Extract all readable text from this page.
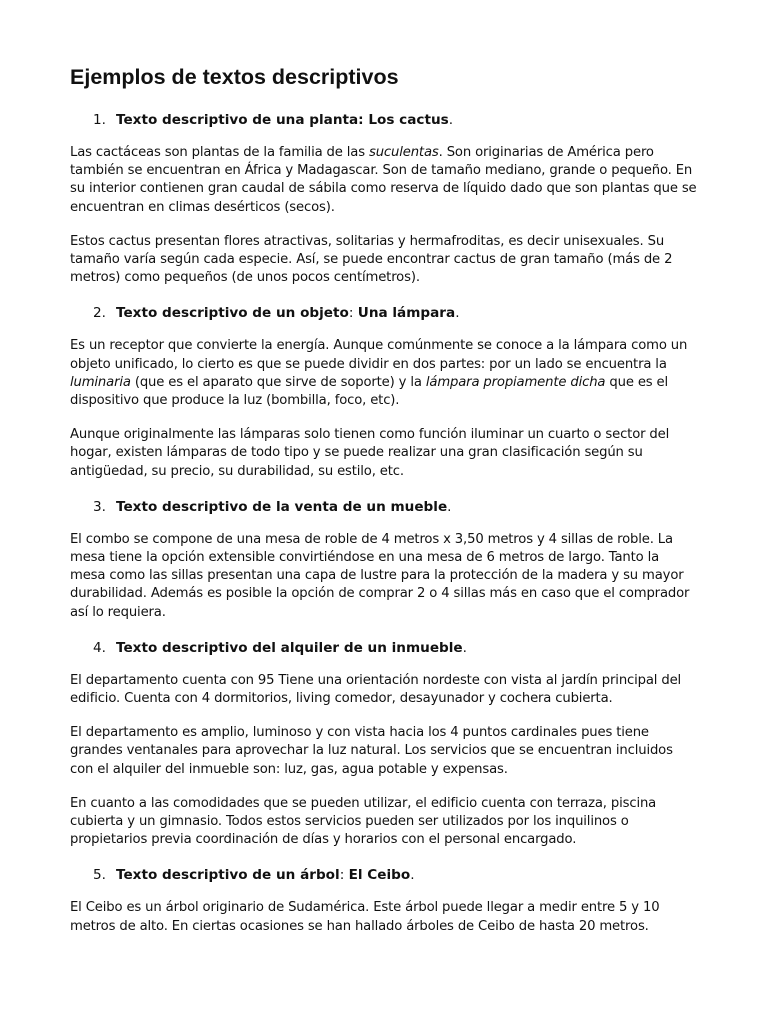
Ejemplos de textos descriptivos
1. Texto descriptivo de una planta: Los cactus.

Las cactáceas son plantas de la familia de las suculentas. Son originarias de América pero también se encuentran en África y Madagascar. Son de tamaño mediano, grande o pequeño. En su interior contienen gran caudal de sábila como reserva de líquido dado que son plantas que se encuentran en climas desérticos (secos).

Estos cactus presentan flores atractivas, solitarias y hermafroditas, es decir unisexuales. Su tamaño varía según cada especie. Así, se puede encontrar cactus de gran tamaño (más de 2 metros) como pequeños (de unos pocos centímetros).

2. Texto descriptivo de un objeto: Una lámpara.

Es un receptor que convierte la energía. Aunque comúnmente se conoce a la lámpara como un objeto unificado, lo cierto es que se puede dividir en dos partes: por un lado se encuentra la luminaria (que es el aparato que sirve de soporte) y la lámpara propiamente dicha que es el dispositivo que produce la luz (bombilla, foco, etc).

Aunque originalmente las lámparas solo tienen como función iluminar un cuarto o sector del hogar, existen lámparas de todo tipo y se puede realizar una gran clasificación según su antigüedad, su precio, su durabilidad, su estilo, etc.

3. Texto descriptivo de la venta de un mueble.

El combo se compone de una mesa de roble de 4 metros x 3,50 metros y 4 sillas de roble. La mesa tiene la opción extensible convirtiéndose en una mesa de 6 metros de largo. Tanto la mesa como las sillas presentan una capa de lustre para la protección de la madera y su mayor durabilidad. Además es posible la opción de comprar 2 o 4 sillas más en caso que el comprador así lo requiera.

4. Texto descriptivo del alquiler de un inmueble.

El departamento cuenta con 95 Tiene una orientación nordeste con vista al jardín principal del edificio. Cuenta con 4 dormitorios, living comedor, desayunador y cochera cubierta.

El departamento es amplio, luminoso y con vista hacia los 4 puntos cardinales pues tiene grandes ventanales para aprovechar la luz natural. Los servicios que se encuentran incluidos con el alquiler del inmueble son: luz, gas, agua potable y expensas.

En cuanto a las comodidades que se pueden utilizar, el edificio cuenta con terraza, piscina cubierta y un gimnasio. Todos estos servicios pueden ser utilizados por los inquilinos o propietarios previa coordinación de días y horarios con el personal encargado.

5. Texto descriptivo de un árbol: El Ceibo.

El Ceibo es un árbol originario de Sudamérica. Este árbol puede llegar a medir entre 5 y 10 metros de alto. En ciertas ocasiones se han hallado árboles de Ceibo de hasta 20 metros.
